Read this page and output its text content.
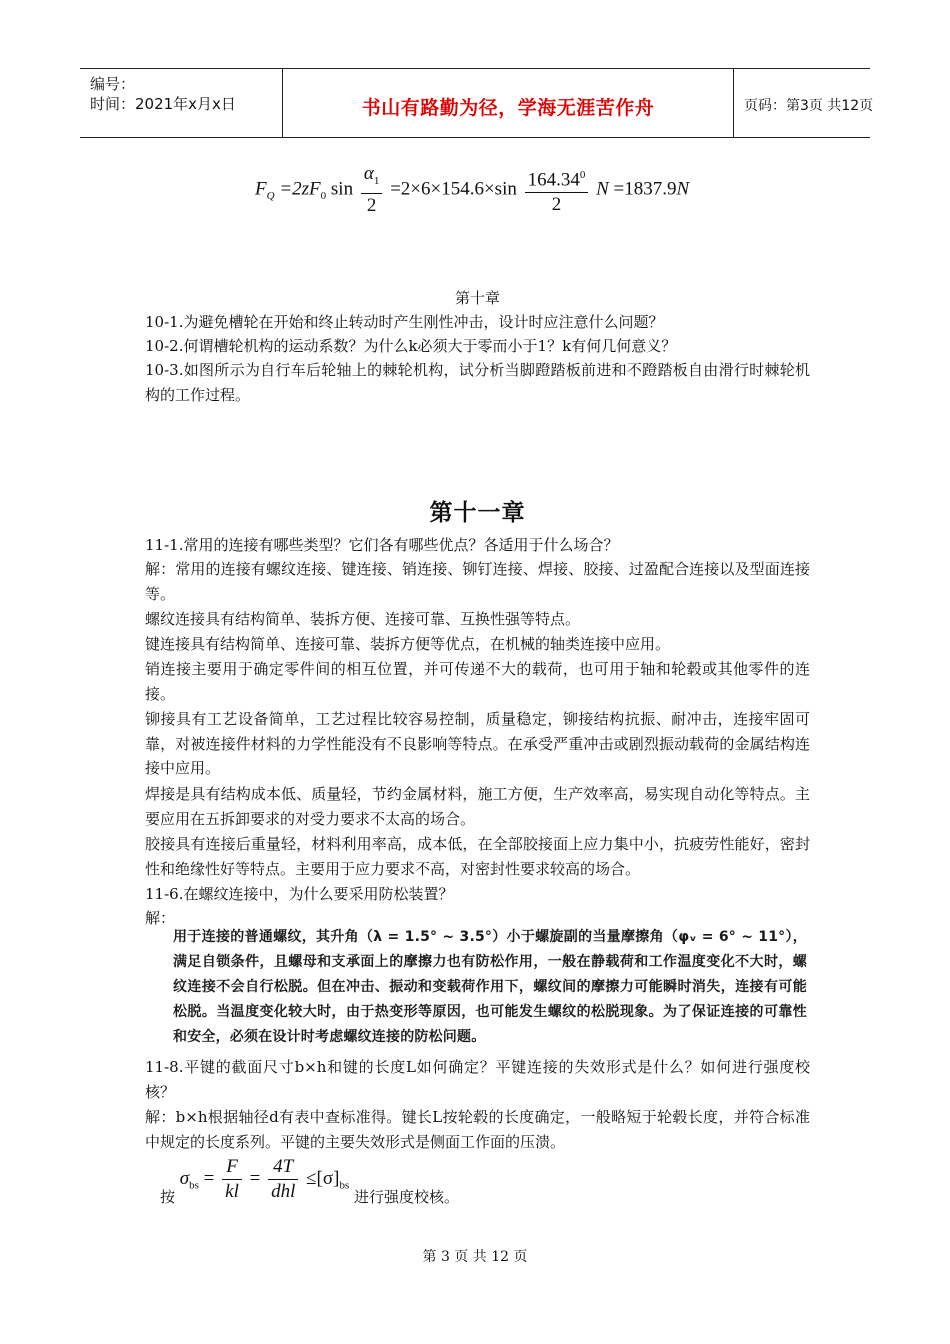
编号：
时间：2021年x月x日	书山有路勤为径，学海无涯苦作舟	页码：第3页 共12页
$F_Q =2zF_0$ $\sin \frac{\alpha_1}{2} =2\times 6\times 154.6\times\sin \frac{164.34^0}{2}$ N =1837.9N
第十章
10-1.为避免槽轮在开始和终止转动时产生刚性冲击，设计时应注意什么问题？
10-2.何谓槽轮机构的运动系数？为什么k必须大于零而小于1？k有何几何意义？
10-3.如图所示为自行车后轮轴上的棘轮机构，试分析当脚蹬踏板前进和不蹬踏板自由滑行时棘轮机构的工作过程。
第十一章
11-1.常用的连接有哪些类型？它们各有哪些优点？各适用于什么场合？
解：常用的连接有螺纹连接、键连接、销连接、铆钉连接、焊接、胶接、过盈配合连接以及型面连接等。
螺纹连接具有结构简单、装拆方便、连接可靠、互换性强等特点。
键连接具有结构简单、连接可靠、装拆方便等优点，在机械的轴类连接中应用。
销连接主要用于确定零件间的相互位置，并可传递不大的载荷，也可用于轴和轮毂或其他零件的连接。
铆接具有工艺设备简单，工艺过程比较容易控制，质量稳定，铆接结构抗振、耐冲击，连接牢固可靠，对被连接件材料的力学性能没有不良影响等特点。在承受严重冲击或剧烈振动载荷的金属结构连接中应用。
焊接是具有结构成本低、质量轻，节约金属材料，施工方便，生产效率高，易实现自动化等特点。主要应用在五拆卸要求的对受力要求不太高的场合。
胶接具有连接后重量轻，材料利用率高，成本低，在全部胶接面上应力集中小，抗疲劳性能好，密封性和绝缘性好等特点。主要用于应力要求不高，对密封性要求较高的场合。
11-6.在螺纹连接中，为什么要采用防松装置？
解：
用于连接的普通螺纹，其升角（λ = 1.5° ~ 3.5°）小于螺旋副的当量摩擦角（φᵥ = 6° ~ 11°），满足自锁条件，且螺母和支承面上的摩擦力也有防松作用，一般在静载荷和工作温度变化不大时，螺纹连接不会自行松脱。但在冲击、振动和变载荷作用下，螺纹间的摩擦力可能瞬时消失，连接有可能松脱。当温度变化较大时，由于热变形等原因，也可能发生螺纹的松脱现象。为了保证连接的可靠性和安全，必须在设计时考虑螺纹连接的防松问题。
11-8.平键的截面尺寸b×h和键的长度L如何确定？平键连接的失效形式是什么？如何进行强度校核？
解：b×h根据轴径d有表中查标准得。键长L按轮毂的长度确定，一般略短于轮毂长度，并符合标准中规定的长度系列。平键的主要失效形式是侧面工作面的压溃。
$_按$ $\sigma_{bs} = \frac{F}{kl} = \frac{4T}{\text{dhl}} \le[\sigma]_{bs}$ $_{进行强度校核。}$
第 3 页 共 12 页
